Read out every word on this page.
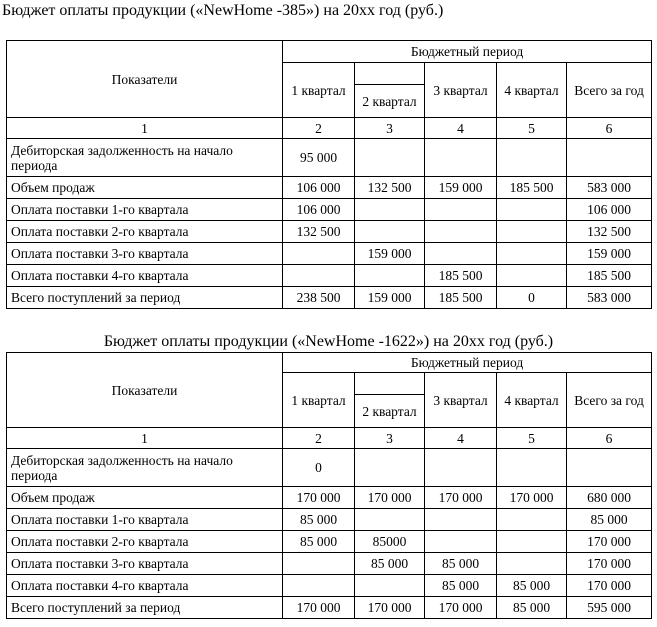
Бюджет оплаты продукции («NewHome -385») на 20хх год (руб.)
Показатели	Бюджетный период				
	1 квартал		3 квартал	4 квартал	Всего за год
		2 квартал			
1	2	3	4	5	6
Дебиторская задолженность на начало периода	95 000				
Объем продаж	106 000	132 500	159 000	185 500	583 000
Оплата поставки 1-го квартала	106 000				106 000
Оплата поставки 2-го квартала	132 500				132 500
Оплата поставки 3-го квартала		159 000			159 000
Оплата поставки 4-го квартала			185 500		185 500
Всего поступлений за период	238 500	159 000	185 500	0	583 000
Бюджет оплаты продукции («NewHome -1622») на 20хх год (руб.)
Показатели	Бюджетный период				
	1 квартал		3 квартал	4 квартал	Всего за год
		2 квартал			
1	2	3	4	5	6
Дебиторская задолженность на начало периода	0				
Объем продаж	170 000	170 000	170 000	170 000	680 000
Оплата поставки 1-го квартала	85 000				85 000
Оплата поставки 2-го квартала	85 000	85000			170 000
Оплата поставки 3-го квартала		85 000	85 000		170 000
Оплата поставки 4-го квартала			85 000	85 000	170 000
Всего поступлений за период	170 000	170 000	170 000	85 000	595 000
